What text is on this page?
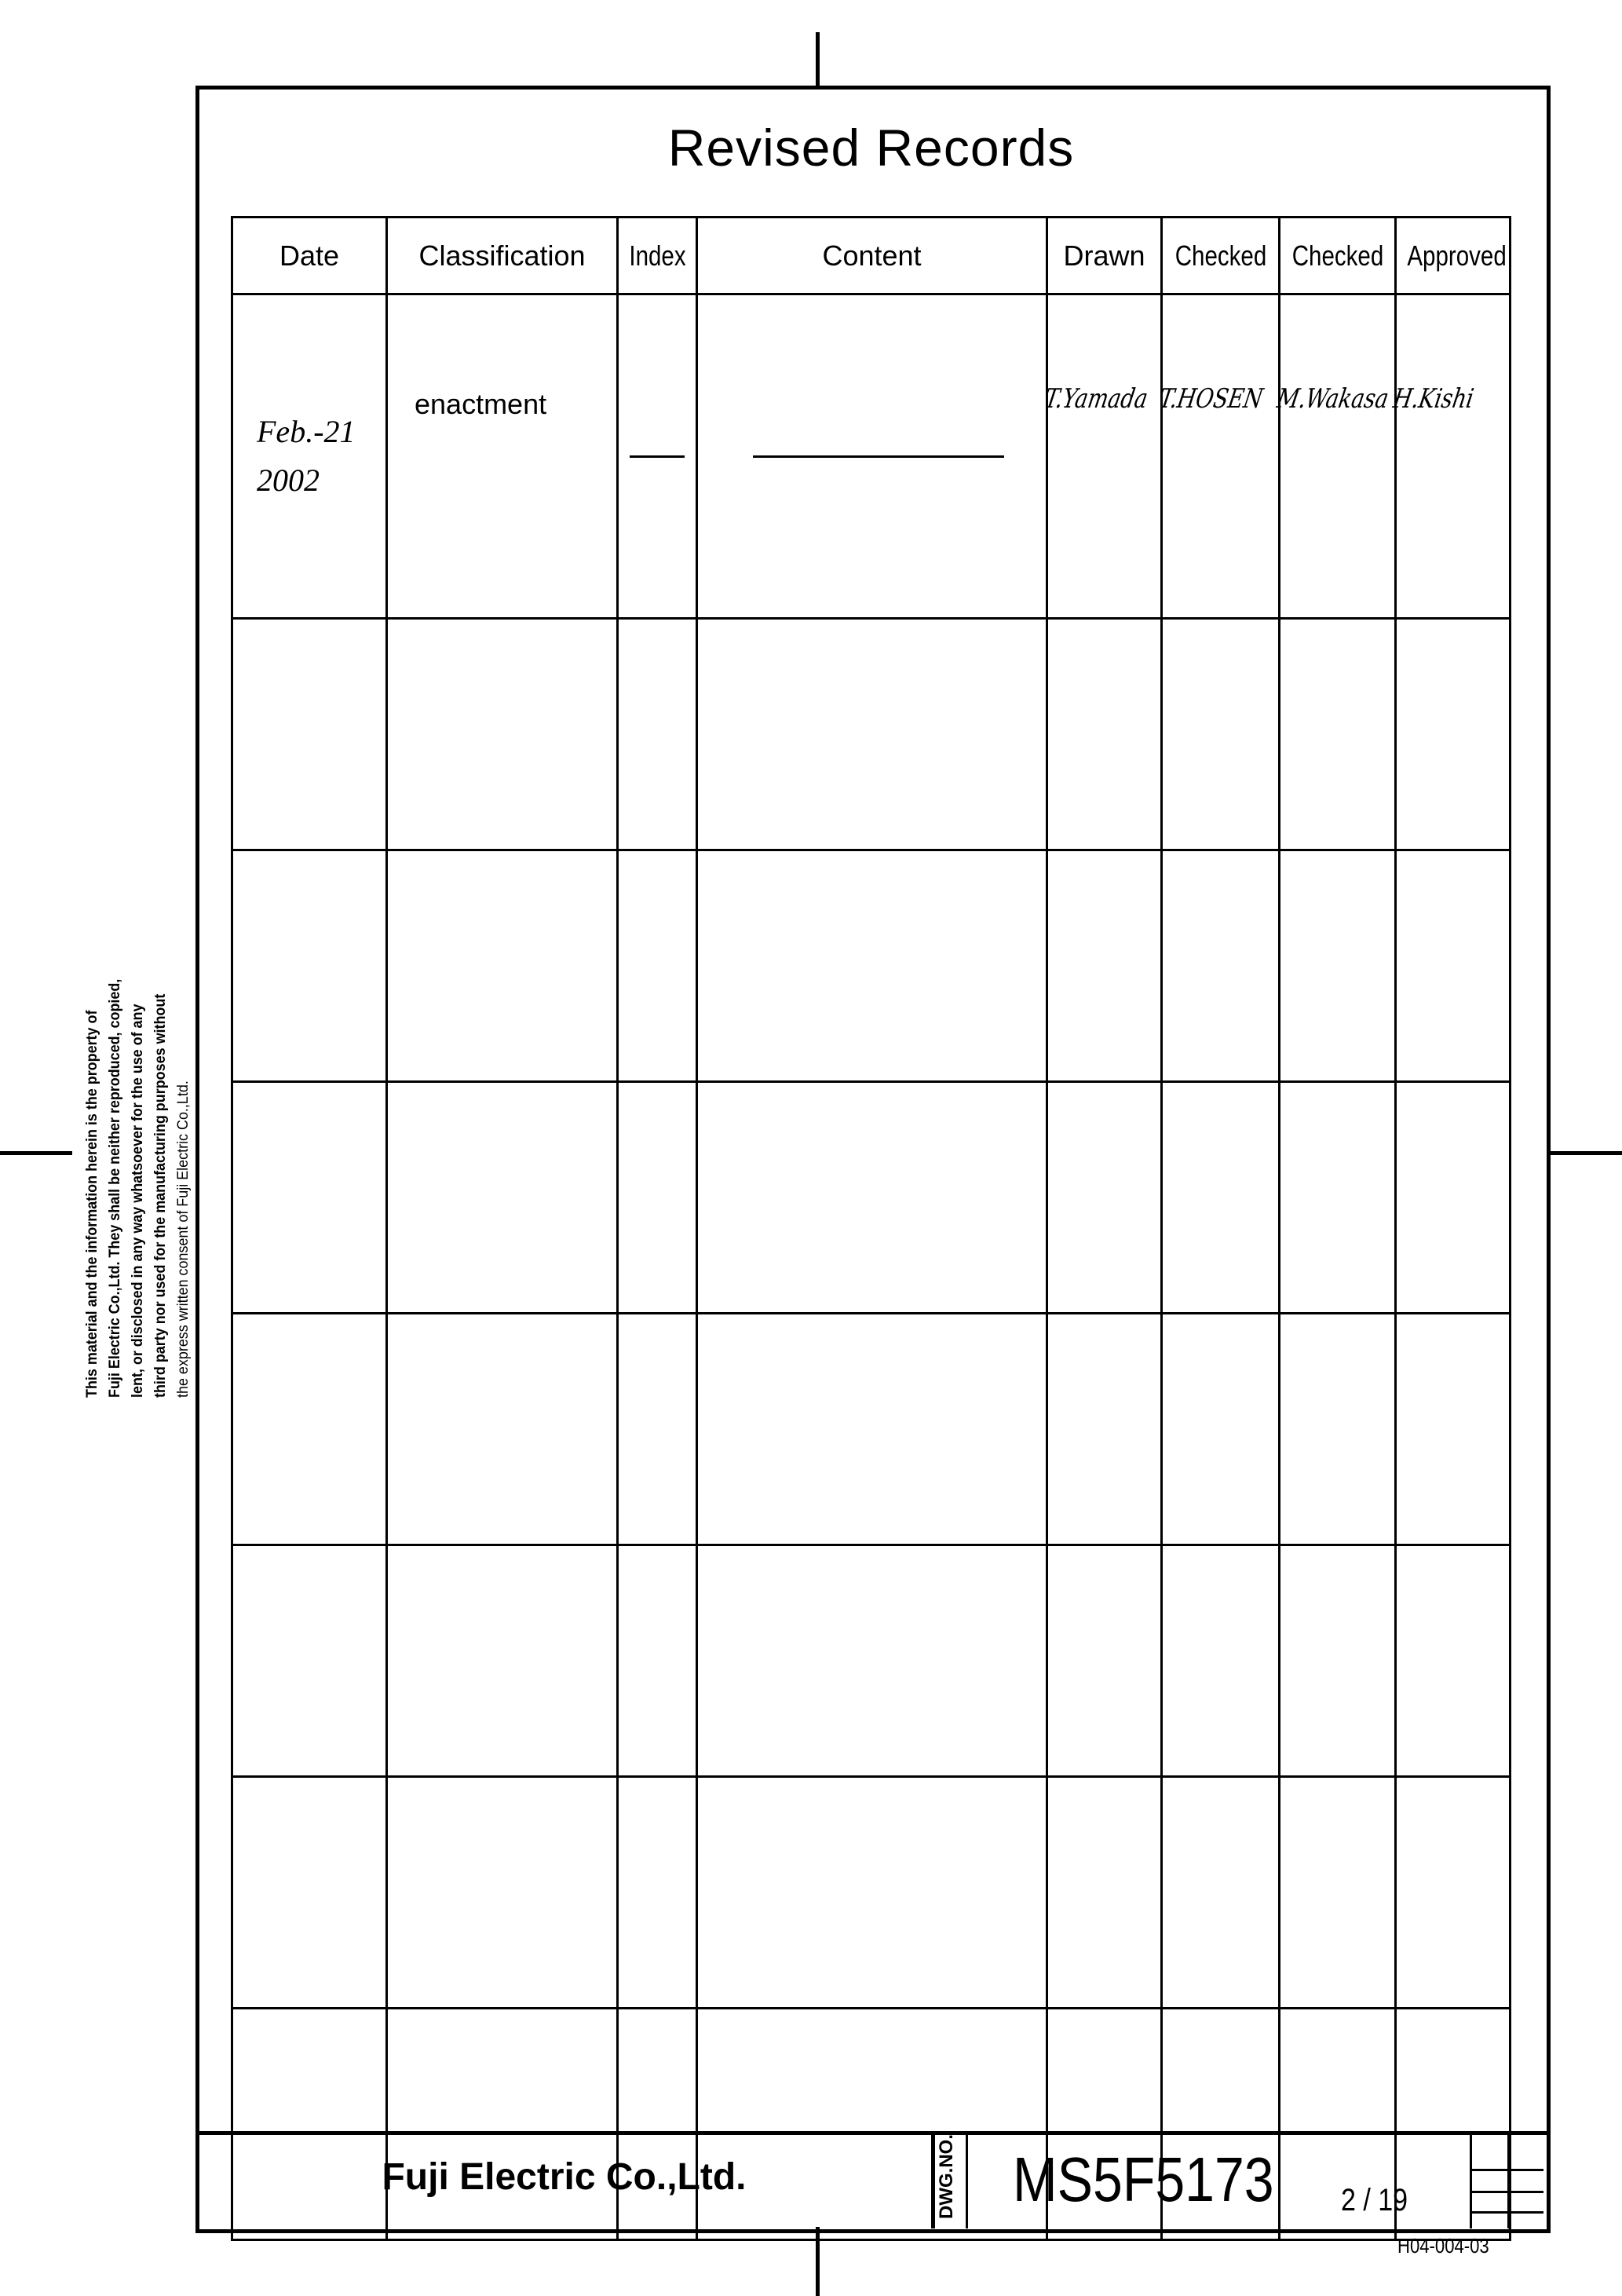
Revised Records
Date	Classification	Index	Content	Drawn	Checked	Checked	Approved

Feb.-21
2002	enactment			T.Yamada	T.HOSEN	M.Wakasa	H.Kishi

This material and the information herein is the property of Fuji Electric Co.,Ltd. They shall be neither reproduced, copied, lent, or disclosed in any way whatsoever for the use of any third party nor used for the manufacturing purposes without the express written consent of Fuji Electric Co.,Ltd.
Fuji Electric Co.,Ltd.	DWG.NO. MS5F5173 2 / 19
H04-004-03
